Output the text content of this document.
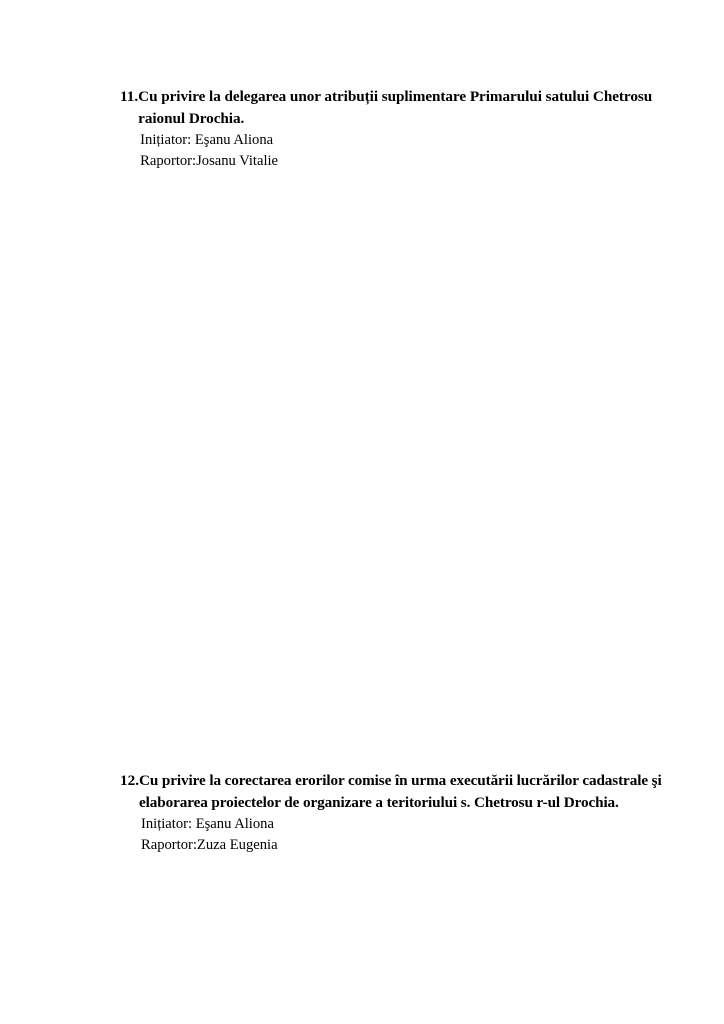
11. Cu privire la delegarea unor atribuții suplimentare Primarului satului Chetrosu raionul Drochia.
Inițiator: Eşanu Aliona
Raportor:Josanu Vitalie
12. Cu privire la corectarea erorilor comise în urma executării lucrărilor cadastrale şi elaborarea proiectelor de organizare a teritoriului s. Chetrosu r-ul Drochia.
Inițiator: Eşanu Aliona
Raportor:Zuza Eugenia
